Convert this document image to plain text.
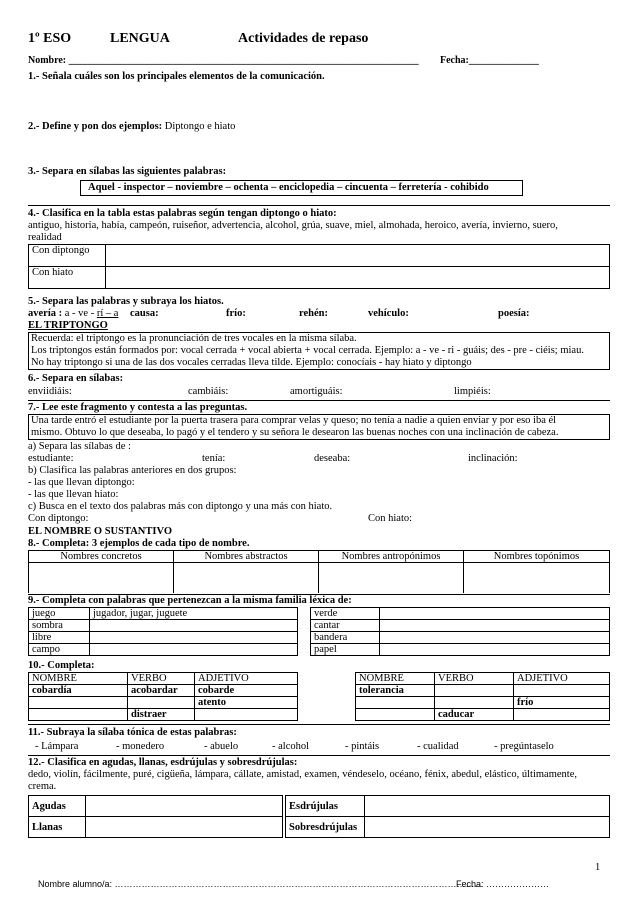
1º ESO	LENGUA	Actividades de repaso
Nombre: ______________________________________________________________________ Fecha:______________
1.- Señala cuáles son los principales elementos de la comunicación.
2.- Define y pon dos ejemplos: Diptongo e hiato
3.- Separa en sílabas las siguientes palabras:
Aquel - inspector – noviembre – ochenta – enciclopedia – cincuenta – ferretería - cohibido
4.- Clasifica en la tabla estas palabras según tengan diptongo o hiato:
antiguo, historia, había, campeón, ruiseñor, advertencia, alcohol, grúa, suave, miel, almohada, heroico, avería, invierno, suero,
realidad
Con diptongo	
Con hiato	
5.- Separa las palabras y subraya los hiatos.
avería : a - ve - rí – a causa:	frío:	rehén:	vehículo:	poesía:
EL TRIPTONGO
Recuerda: el triptongo es la pronunciación de tres vocales en la misma sílaba.
Los triptongos están formados por: vocal cerrada + vocal abierta + vocal cerrada. Ejemplo: a - ve - ri - guáis; des - pre - ciéis; miau.
No hay triptongo si una de las dos vocales cerradas lleva tilde. Ejemplo: conocíais - hay hiato y diptongo
6.- Separa en sílabas:
enviidiáis:	cambiáis:	amortiguáis:	limpiéis:
7.- Lee este fragmento y contesta a las preguntas.
Una tarde entró el estudiante por la puerta trasera para comprar velas y queso; no tenía a nadie a quien enviar y por eso iba él
mismo. Obtuvo lo que deseaba, lo pagó y el tendero y su señora le desearon las buenas noches con una inclinación de cabeza.
a) Separa las sílabas de :
estudiante:	tenía:	deseaba:	inclinación:
b) Clasifica las palabras anteriores en dos grupos:
- las que llevan diptongo:
- las que llevan hiato:
c) Busca en el texto dos palabras más con diptongo y una más con hiato.
Con diptongo:	Con hiato:
EL NOMBRE O SUSTANTIVO
8.- Completa: 3 ejemplos de cada tipo de nombre.
Nombres concretos	Nombres abstractos	Nombres antropónimos	Nombres topónimos

9.- Completa con palabras que pertenezcan a la misma familia léxica de:
juego	jugador, jugar, juguete
sombra	
libre	
campo	
verde	
cantar	
bandera	
papel	
10.- Completa:
NOMBRE	VERBO	ADJETIVO
cobardía	acobardar	cobarde
		atento
	distraer	
NOMBRE	VERBO	ADJETIVO
tolerancia		
		frío
	caducar	
11.- Subraya la sílaba tónica de estas palabras:
- Lámpara	- monedero	- abuelo	- alcohol	- pintáis	- cualidad	- pregúntaselo
12.- Clasifica en agudas, llanas, esdrújulas y sobresdrújulas:
dedo, violín, fácilmente, puré, cigüeña, lámpara, cállate, amistad, examen, véndeselo, océano, fénix, abedul, elástico, últimamente,
crema.
Agudas	
Llanas	
Esdrújulas	
Sobresdrújulas	
1
Nombre alumno/a: ……………………………………………………………………………………………………………
Fecha: …………………
